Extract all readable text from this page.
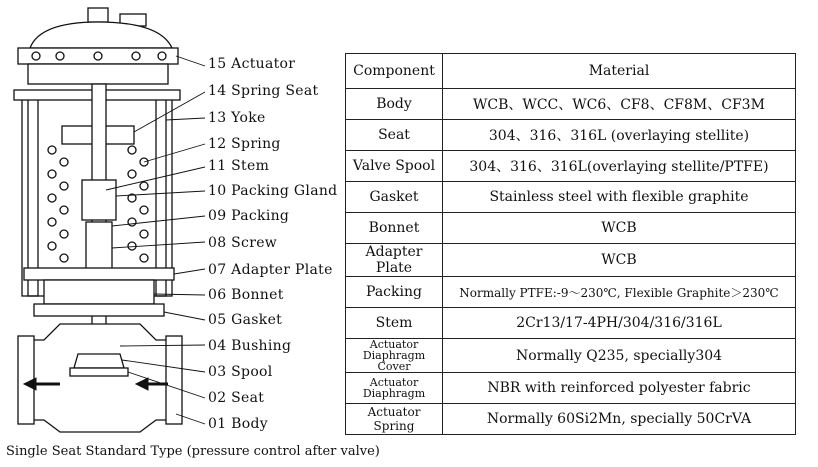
15 Actuator
14 Spring Seat
13 Yoke
12 Spring
11 Stem
10 Packing Gland
09 Packing
08 Screw
07 Adapter Plate
06 Bonnet
05 Gasket
04 Bushing
03 Spool
02 Seat
01 Body
Single Seat Standard Type (pressure control after valve)
Component	Material
Body	WCB、WCC、WC6、CF8、CF8M、CF3M
Seat	304、316、316L (overlaying stellite)
Valve Spool	304、316、316L(overlaying stellite/PTFE)
Gasket	Stainless steel with flexible graphite
Bonnet	WCB
Adapter Plate	WCB
Packing	Normally PTFE:-9～230℃, Flexible Graphite＞230℃
Stem	2Cr13/17-4PH/304/316/316L
Actuator Diaphragm Cover	Normally Q235, specially304
Actuator Diaphragm	NBR with reinforced polyester fabric
Actuator Spring	Normally 60Si2Mn, specially 50CrVA
